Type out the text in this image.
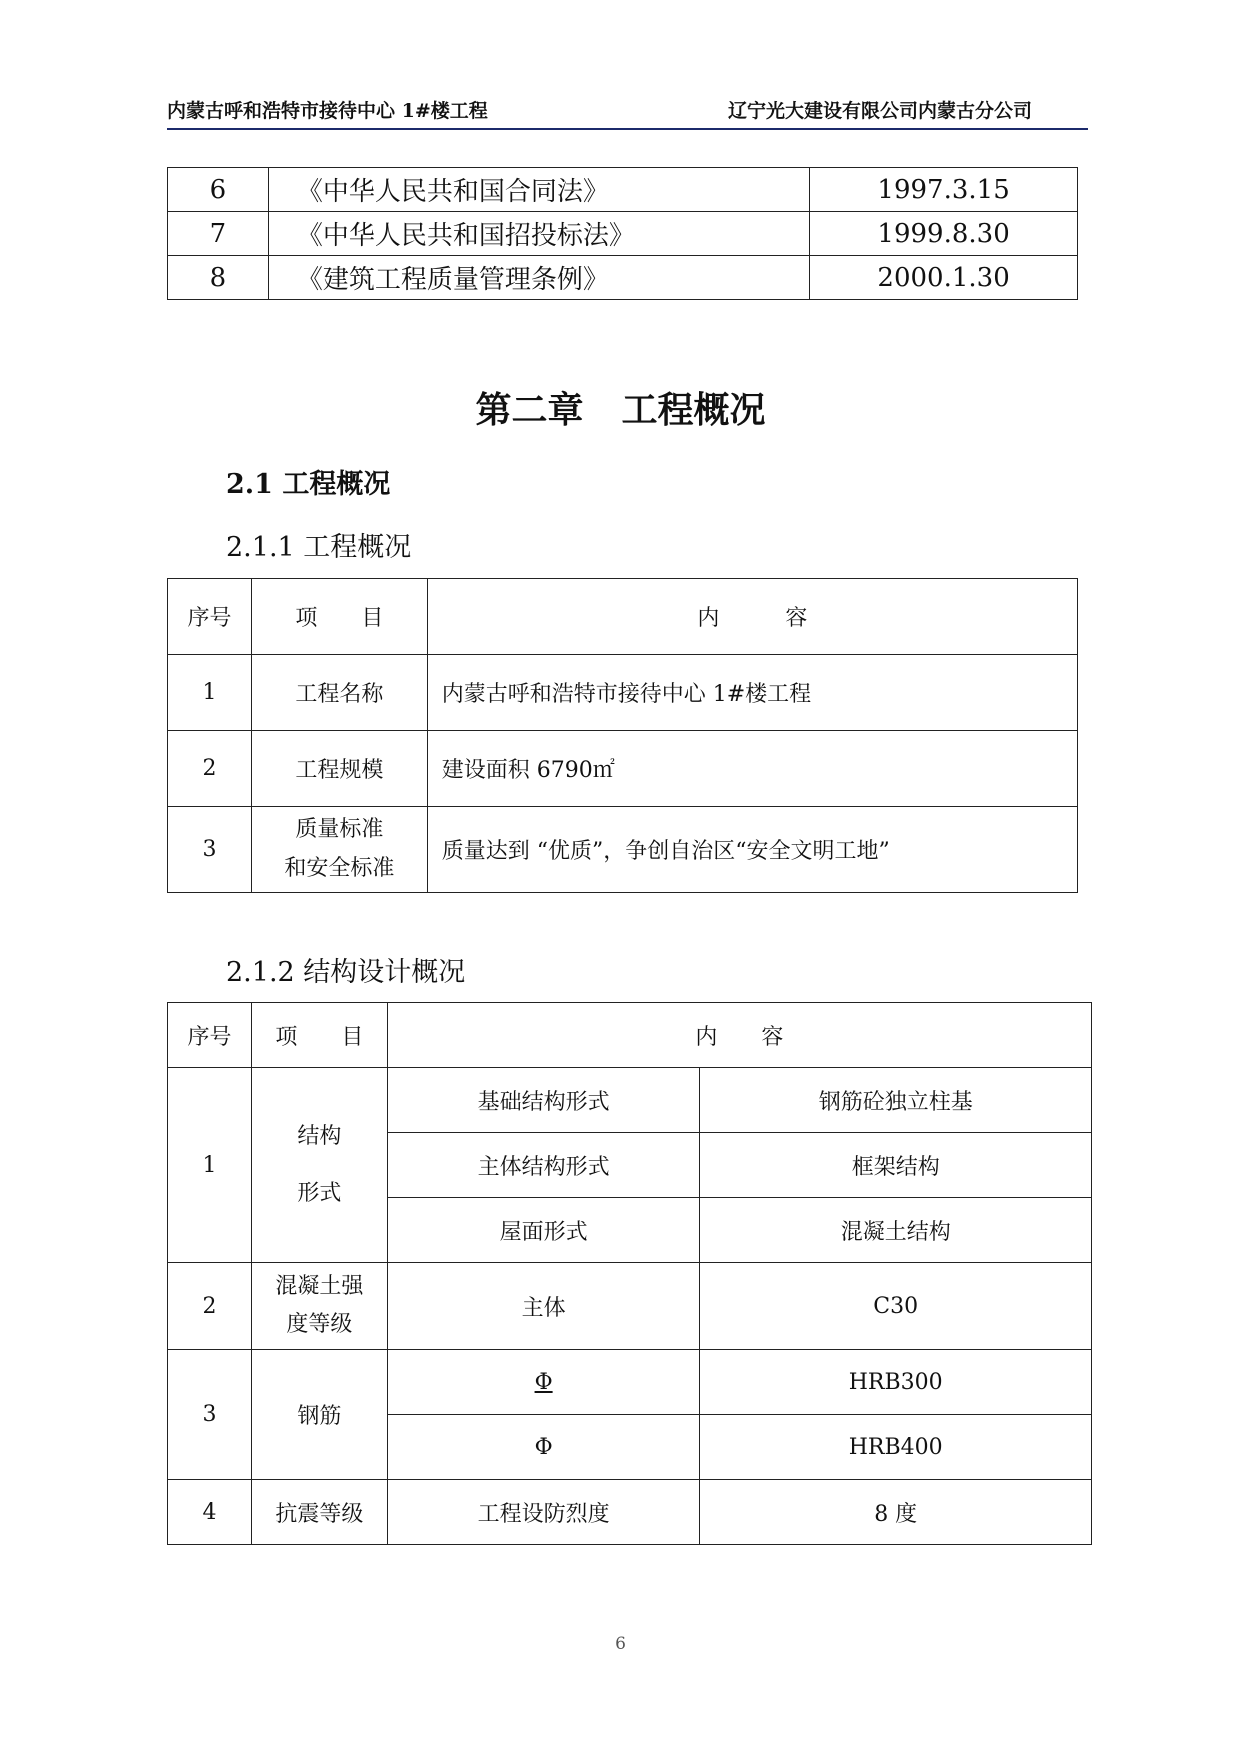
内蒙古呼和浩特市接待中心 1#楼工程	辽宁光大建设有限公司内蒙古分公司
6	《中华人民共和国合同法》	1997.3.15
7	《中华人民共和国招投标法》	1999.8.30
8	《建筑工程质量管理条例》	2000.1.30
第二章 工程概况
2.1 工程概况
2.1.1 工程概况
序号	项　　目	内　　　容
1	工程名称	内蒙古呼和浩特市接待中心 1#楼工程
2	工程规模	建设面积 6790㎡
3	质量标准
和安全标准	质量达到 “优质”，争创自治区“安全文明工地”
2.1.2 结构设计概况
序号	项　　目	内　　容	
1	结构
形式	基础结构形式	钢筋砼独立柱基
		主体结构形式	框架结构
		屋面形式	混凝土结构
2	混凝土强
度等级	主体	C30
3	钢筋	Φ	HRB300
		Φ	HRB400
4	抗震等级	工程设防烈度	8 度
6
